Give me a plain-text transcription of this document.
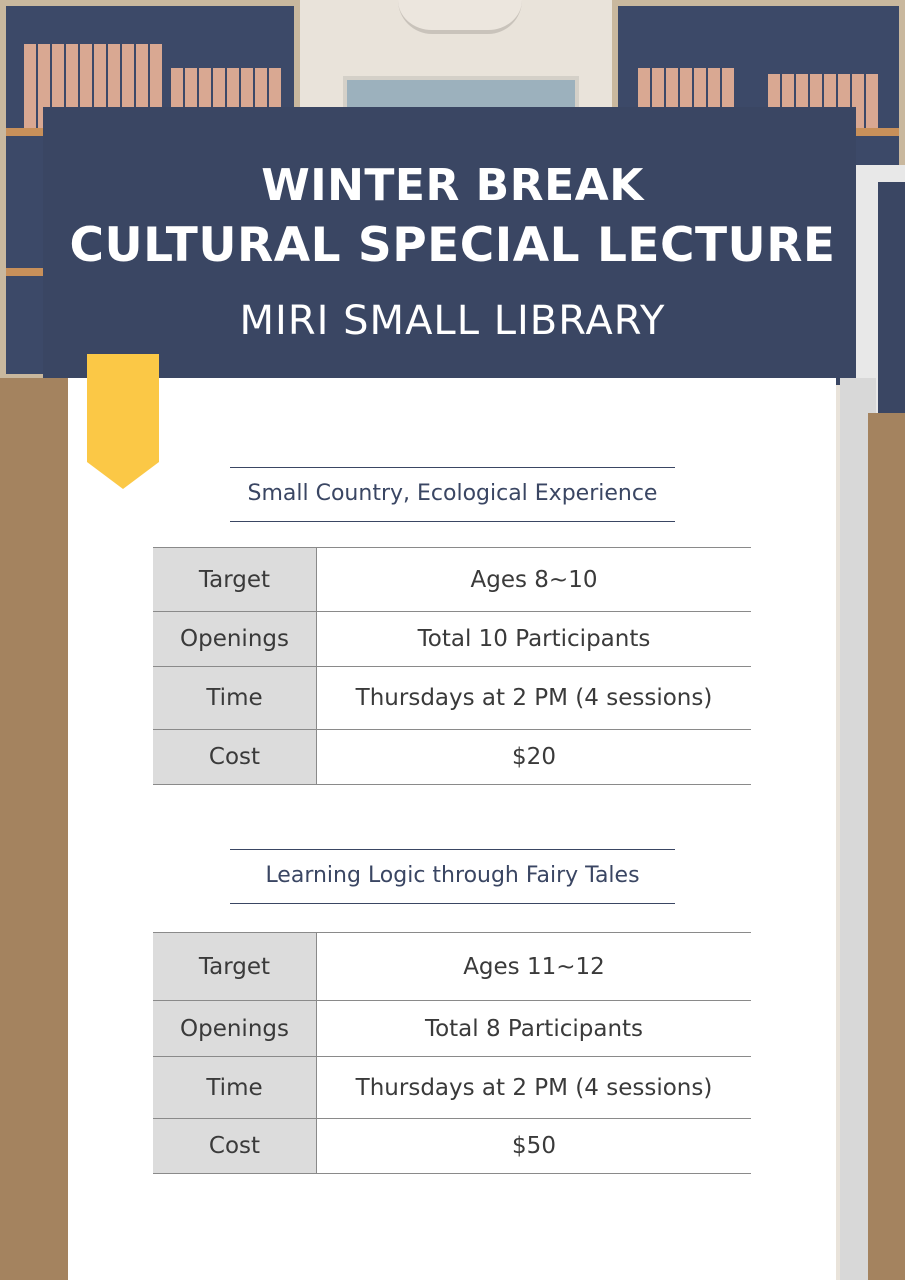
WINTER BREAK
CULTURAL SPECIAL LECTURE
MIRI SMALL LIBRARY
Small Country, Ecological Experience
Target	Ages 8~10
Openings	Total 10 Participants
Time	Thursdays at 2 PM (4 sessions)
Cost	$20
Learning Logic through Fairy Tales
Target	Ages 11~12
Openings	Total 8 Participants
Time	Thursdays at 2 PM (4 sessions)
Cost	$50
